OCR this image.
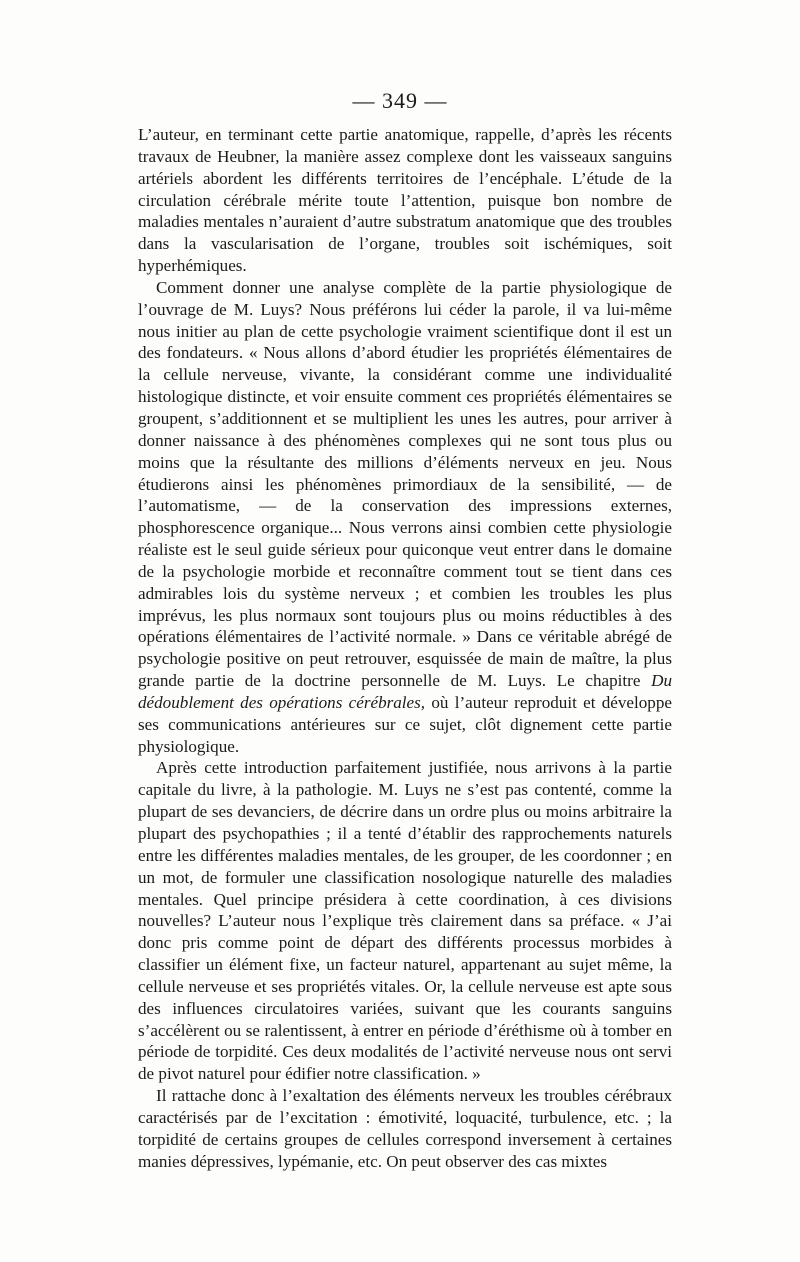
— 349 —

L’auteur, en terminant cette partie anatomique, rappelle, d’après les récents travaux de Heubner, la manière assez complexe dont les vaisseaux sanguins artériels abordent les différents territoires de l’encéphale. L’étude de la circulation cérébrale mérite toute l’attention, puisque bon nombre de maladies mentales n’auraient d’autre substratum anatomique que des troubles dans la vascularisation de l’organe, troubles soit ischémiques, soit hyperhémiques.

Comment donner une analyse complète de la partie physiologique de l’ouvrage de M. Luys? Nous préférons lui céder la parole, il va lui-même nous initier au plan de cette psychologie vraiment scientifique dont il est un des fondateurs. « Nous allons d’abord étudier les propriétés élémentaires de la cellule nerveuse, vivante, la considérant comme une individualité histologique distincte, et voir ensuite comment ces propriétés élémentaires se groupent, s’additionnent et se multiplient les unes les autres, pour arriver à donner naissance à des phénomènes complexes qui ne sont tous plus ou moins que la résultante des millions d’éléments nerveux en jeu. Nous étudierons ainsi les phénomènes primordiaux de la sensibilité, — de l’automatisme, — de la conservation des impressions externes, phosphorescence organique... Nous verrons ainsi combien cette physiologie réaliste est le seul guide sérieux pour quiconque veut entrer dans le domaine de la psychologie morbide et reconnaître comment tout se tient dans ces admirables lois du système nerveux ; et combien les troubles les plus imprévus, les plus normaux sont toujours plus ou moins réductibles à des opérations élémentaires de l’activité normale. » Dans ce véritable abrégé de psychologie positive on peut retrouver, esquissée de main de maître, la plus grande partie de la doctrine personnelle de M. Luys. Le chapitre Du dédoublement des opérations cérébrales, où l’auteur reproduit et développe ses communications antérieures sur ce sujet, clôt dignement cette partie physiologique.

Après cette introduction parfaitement justifiée, nous arrivons à la partie capitale du livre, à la pathologie. M. Luys ne s’est pas contenté, comme la plupart de ses devanciers, de décrire dans un ordre plus ou moins arbitraire la plupart des psychopathies ; il a tenté d’établir des rapprochements naturels entre les différentes maladies mentales, de les grouper, de les coordonner ; en un mot, de formuler une classification nosologique naturelle des maladies mentales. Quel principe présidera à cette coordination, à ces divisions nouvelles? L’auteur nous l’explique très clairement dans sa préface. « J’ai donc pris comme point de départ des différents processus morbides à classifier un élément fixe, un facteur naturel, appartenant au sujet même, la cellule nerveuse et ses propriétés vitales. Or, la cellule nerveuse est apte sous des influences circulatoires variées, suivant que les courants sanguins s’accélèrent ou se ralentissent, à entrer en période d’éréthisme où à tomber en période de torpidité. Ces deux modalités de l’activité nerveuse nous ont servi de pivot naturel pour édifier notre classification. »

Il rattache donc à l’exaltation des éléments nerveux les troubles cérébraux caractérisés par de l’excitation : émotivité, loquacité, turbulence, etc. ; la torpidité de certains groupes de cellules correspond inversement à certaines manies dépressives, lypémanie, etc. On peut observer des cas mixtes
